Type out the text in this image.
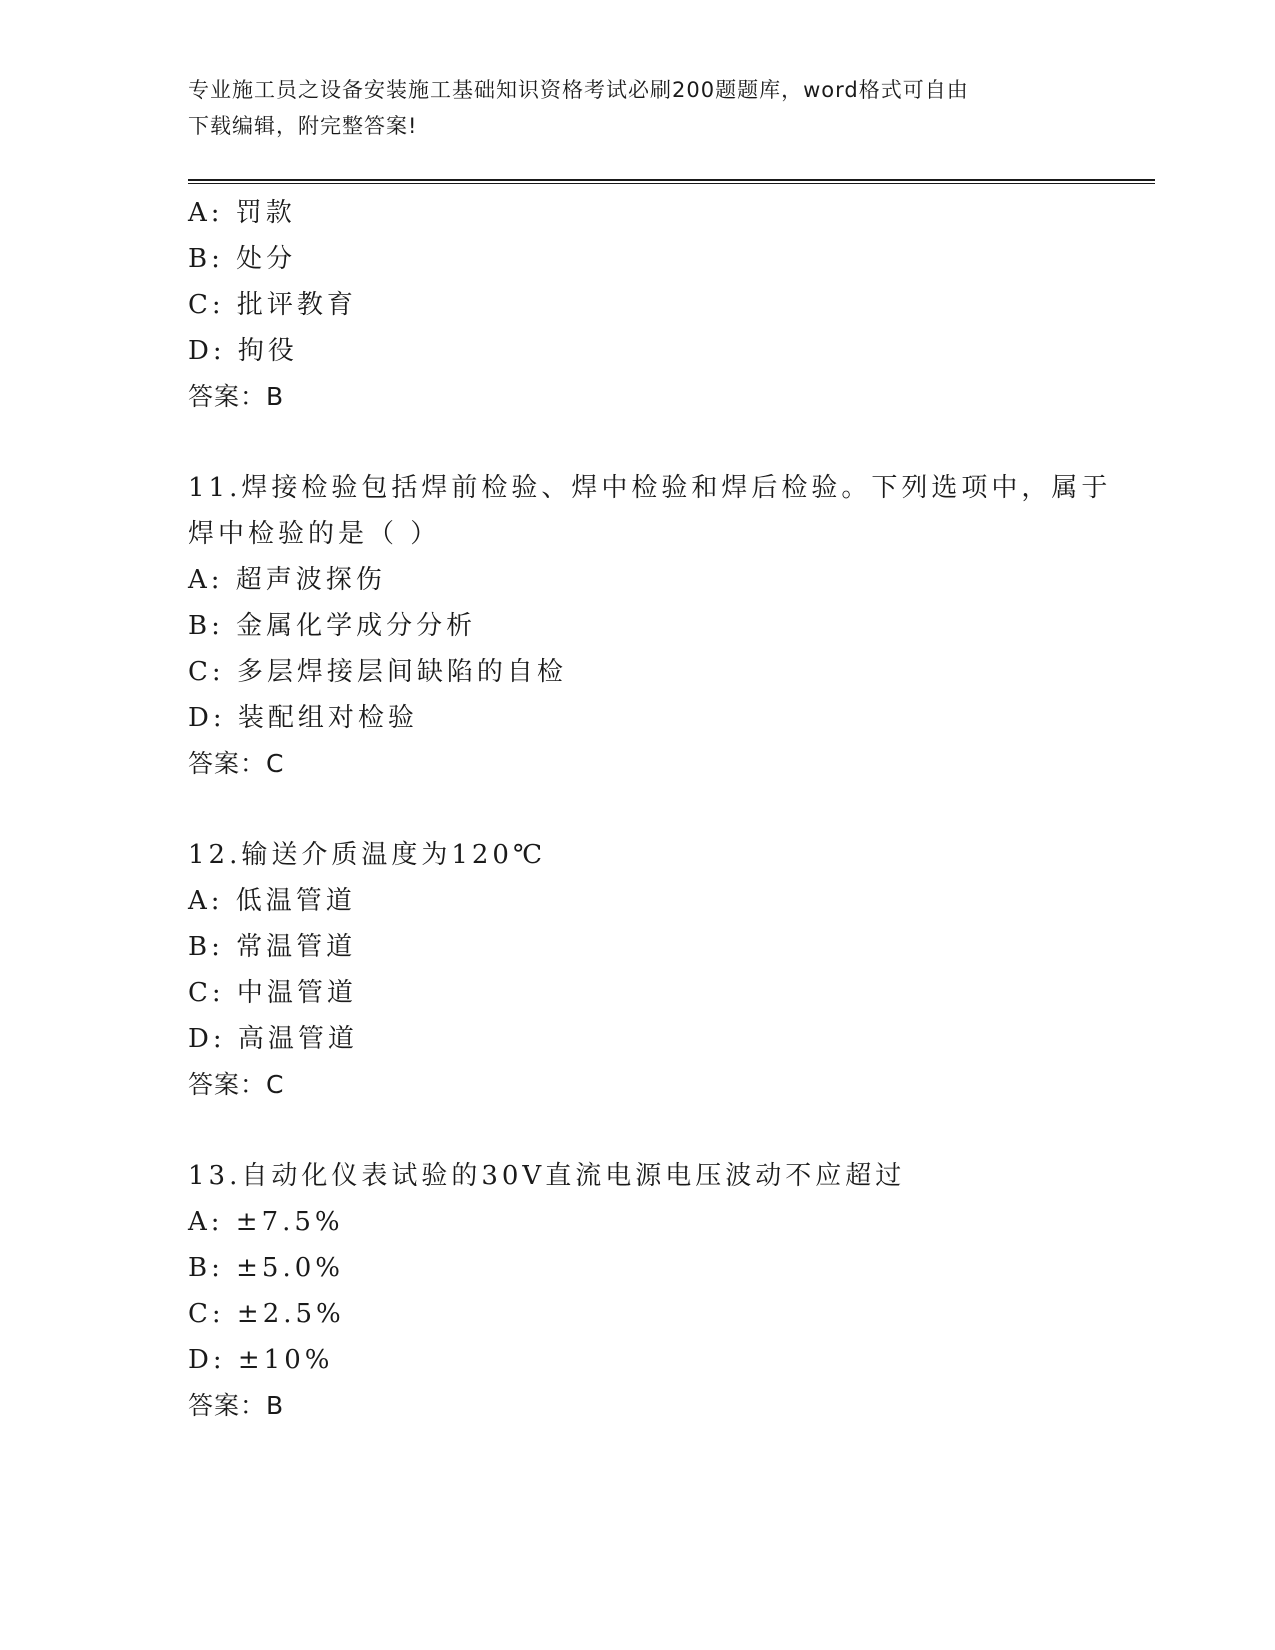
专业施工员之设备安装施工基础知识资格考试必刷200题题库，word格式可自由
下载编辑，附完整答案!
A: 罚款
B: 处分
C: 批评教育
D: 拘役
答案：B
11.焊接检验包括焊前检验、焊中检验和焊后检验。下列选项中，属于
焊中检验的是（ ）
A: 超声波探伤
B: 金属化学成分分析
C: 多层焊接层间缺陷的自检
D: 装配组对检验
答案：C
12.输送介质温度为120℃
A: 低温管道
B: 常温管道
C: 中温管道
D: 高温管道
答案：C
13.自动化仪表试验的30V直流电源电压波动不应超过
A: ±7.5%
B: ±5.0%
C: ±2.5%
D: ±10%
答案：B
